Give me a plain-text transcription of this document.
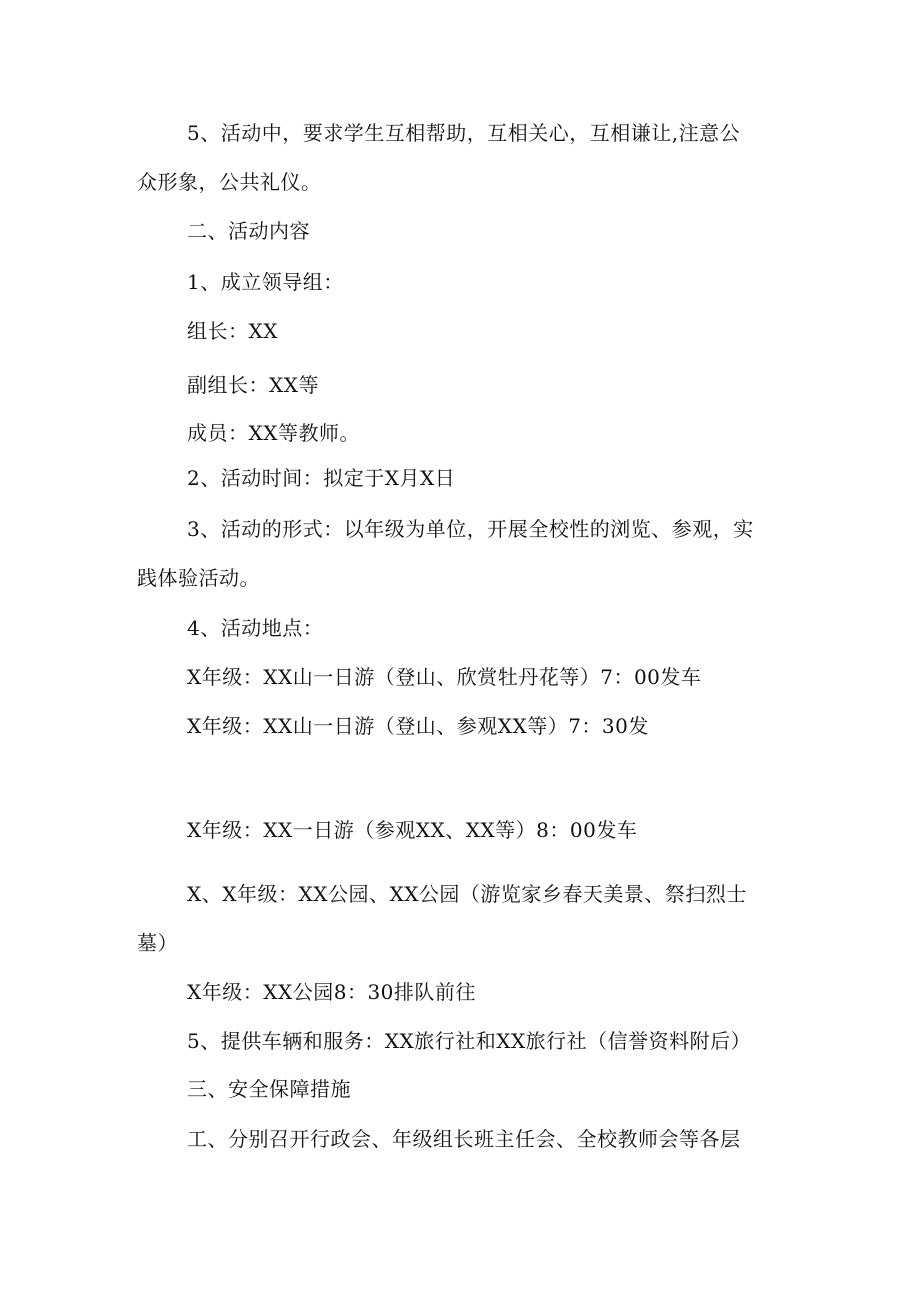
5、活动中，要求学生互相帮助，互相关心，互相谦让,注意公
众形象，公共礼仪。
二、活动内容
1、成立领导组：
组长：XX
副组长：XX等
成员：XX等教师。
2、活动时间：拟定于X月X日
3、活动的形式：以年级为单位，开展全校性的浏览、参观，实
践体验活动。
4、活动地点：
X年级：XX山一日游（登山、欣赏牡丹花等）7：00发车
X年级：XX山一日游（登山、参观XX等）7：30发
X年级：XX一日游（参观XX、XX等）8：00发车
X、X年级：XX公园、XX公园（游览家乡春天美景、祭扫烈士
墓）
X年级：XX公园8：30排队前往
5、提供车辆和服务：XX旅行社和XX旅行社（信誉资料附后）
三、安全保障措施
工、分别召开行政会、年级组长班主任会、全校教师会等各层
